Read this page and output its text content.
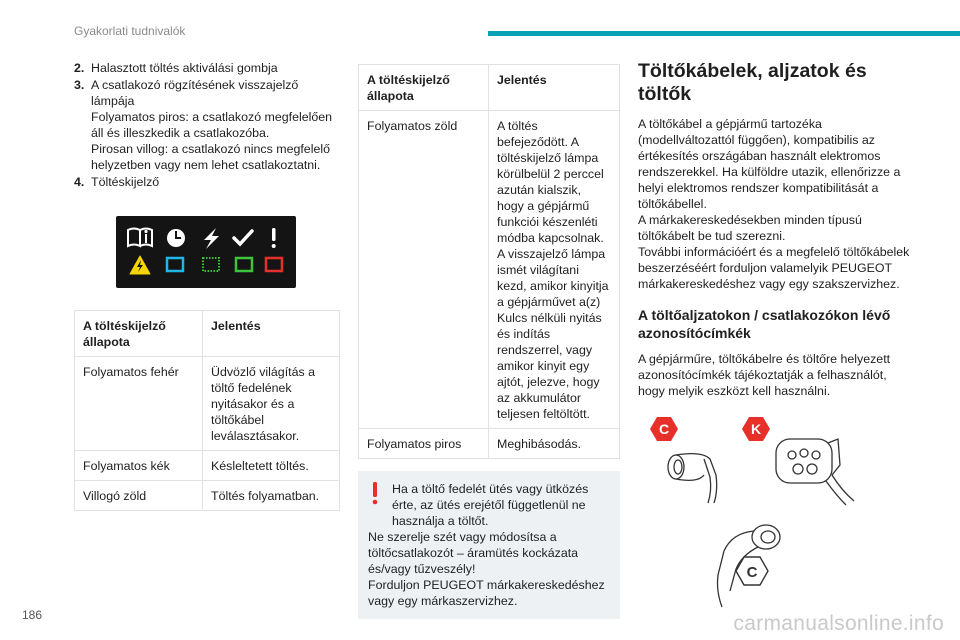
Gyakorlati tudnivalók
2. Halasztott töltés aktiválási gombja

3. A csatlakozó rögzítésének visszajelző lámpája

Folyamatos piros: a csatlakozó megfelelően áll és illeszkedik a csatlakozóba.

Pirosan villog: a csatlakozó nincs megfelelő helyzetben vagy nem lehet csatlakoztatni.

4. Töltéskijelző

A töltéskijelző állapota	Jelentés
Folyamatos fehér	Üdvözlő világítás a töltő fedelének nyitásakor és a töltőkábel leválasztásakor.
Folyamatos kék	Késleltetett töltés.
Villogó zöld	Töltés folyamatban.
A töltéskijelző állapota	Jelentés
Folyamatos zöld	A töltés befejeződött. A töltéskijelző lámpa körülbelül 2 perccel azután kialszik, hogy a gépjármű funkciói készenléti módba kapcsolnak. A visszajelző lámpa ismét világítani kezd, amikor kinyitja a gépjárművet a(z) Kulcs nélküli nyitás és indítás rendszerrel, vagy amikor kinyit egy ajtót, jelezve, hogy az akkumulátor teljesen feltöltött.
Folyamatos piros	Meghibásodás.

Ha a töltő fedelét ütés vagy ütközés érte, az ütés erejétől függetlenül ne használja a töltőt.

Ne szerelje szét vagy módosítsa a töltőcsatlakozót – áramütés kockázata és/vagy tűzveszély!

Forduljon PEUGEOT márkakereskedéshez vagy egy márkaszervizhez.

Töltőkábelek, aljzatok és töltők

A töltőkábel a gépjármű tartozéka (modellváltozattól függően), kompatibilis az értékesítés országában használt elektromos rendszerekkel. Ha külföldre utazik, ellenőrizze a helyi elektromos rendszer kompatibilitását a töltőkábellel.

A márkakereskedésekben minden típusú töltőkábelt be tud szerezni.

További információért és a megfelelő töltőkábelek beszerzéséért forduljon valamelyik PEUGEOT márkakereskedéshez vagy egy szakszervizhez.

A töltőaljzatokon / csatlakozókon lévő azonosítócímkék

A gépjárműre, töltőkábelre és töltőre helyezett azonosítócímkék tájékoztatják a felhasználót, hogy melyik eszközt kell használni.

C	K
C
186	carmanualsonline.info
